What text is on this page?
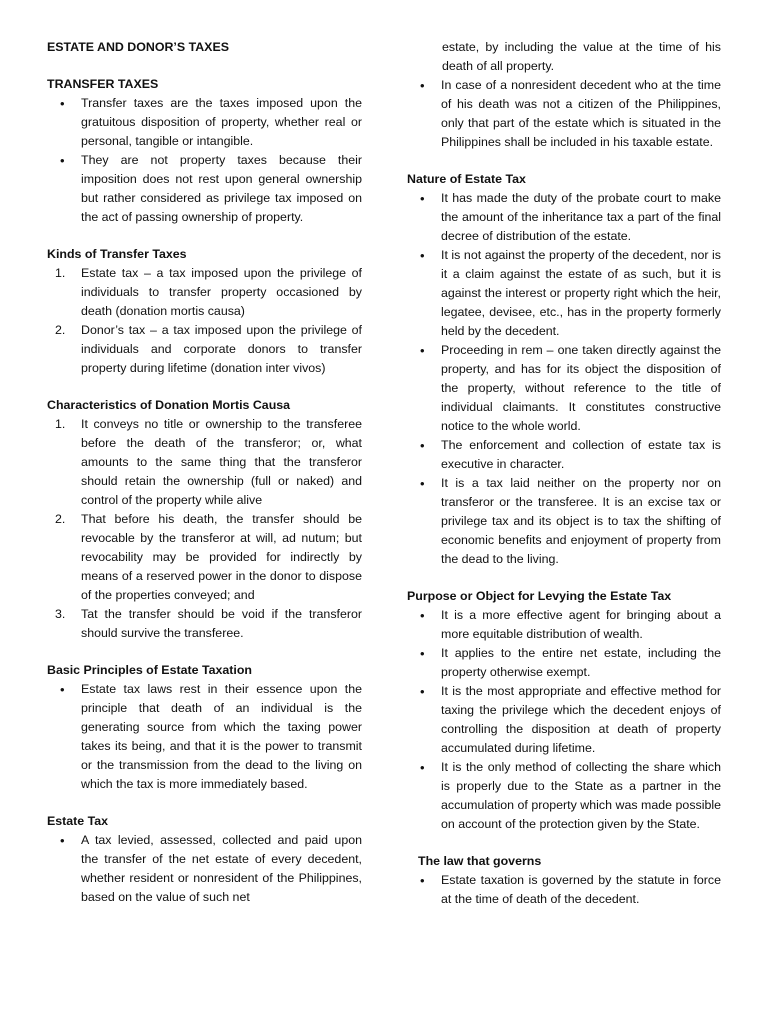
ESTATE AND DONOR’S TAXES
TRANSFER TAXES
• Transfer taxes are the taxes imposed upon the gratuitous disposition of property, whether real or personal, tangible or intangible.
• They are not property taxes because their imposition does not rest upon general ownership but rather considered as privilege tax imposed on the act of passing ownership of property.
Kinds of Transfer Taxes
1. Estate tax – a tax imposed upon the privilege of individuals to transfer property occasioned by death (donation mortis causa)
2. Donor’s tax – a tax imposed upon the privilege of individuals and corporate donors to transfer property during lifetime (donation inter vivos)
Characteristics of Donation Mortis Causa
1. It conveys no title or ownership to the transferee before the death of the transferor; or, what amounts to the same thing that the transferor should retain the ownership (full or naked) and control of the property while alive
2. That before his death, the transfer should be revocable by the transferor at will, ad nutum; but revocability may be provided for indirectly by means of a reserved power in the donor to dispose of the properties conveyed; and
3. Tat the transfer should be void if the transferor should survive the transferee.
Basic Principles of Estate Taxation
• Estate tax laws rest in their essence upon the principle that death of an individual is the generating source from which the taxing power takes its being, and that it is the power to transmit or the transmission from the dead to the living on which the tax is more immediately based.
Estate Tax
• A tax levied, assessed, collected and paid upon the transfer of the net estate of every decedent, whether resident or nonresident of the Philippines, based on the value of such net
estate, by including the value at the time of his death of all property.
• In case of a nonresident decedent who at the time of his death was not a citizen of the Philippines, only that part of the estate which is situated in the Philippines shall be included in his taxable estate.
Nature of Estate Tax
• It has made the duty of the probate court to make the amount of the inheritance tax a part of the final decree of distribution of the estate.
• It is not against the property of the decedent, nor is it a claim against the estate of as such, but it is against the interest or property right which the heir, legatee, devisee, etc., has in the property formerly held by the decedent.
• Proceeding in rem – one taken directly against the property, and has for its object the disposition of the property, without reference to the title of individual claimants. It constitutes constructive notice to the whole world.
• The enforcement and collection of estate tax is executive in character.
• It is a tax laid neither on the property nor on transferor or the transferee. It is an excise tax or privilege tax and its object is to tax the shifting of economic benefits and enjoyment of property from the dead to the living.
Purpose or Object for Levying the Estate Tax
• It is a more effective agent for bringing about a more equitable distribution of wealth.
• It applies to the entire net estate, including the property otherwise exempt.
• It is the most appropriate and effective method for taxing the privilege which the decedent enjoys of controlling the disposition at death of property accumulated during lifetime.
• It is the only method of collecting the share which is properly due to the State as a partner in the accumulation of property which was made possible on account of the protection given by the State.
The law that governs
• Estate taxation is governed by the statute in force at the time of death of the decedent.
